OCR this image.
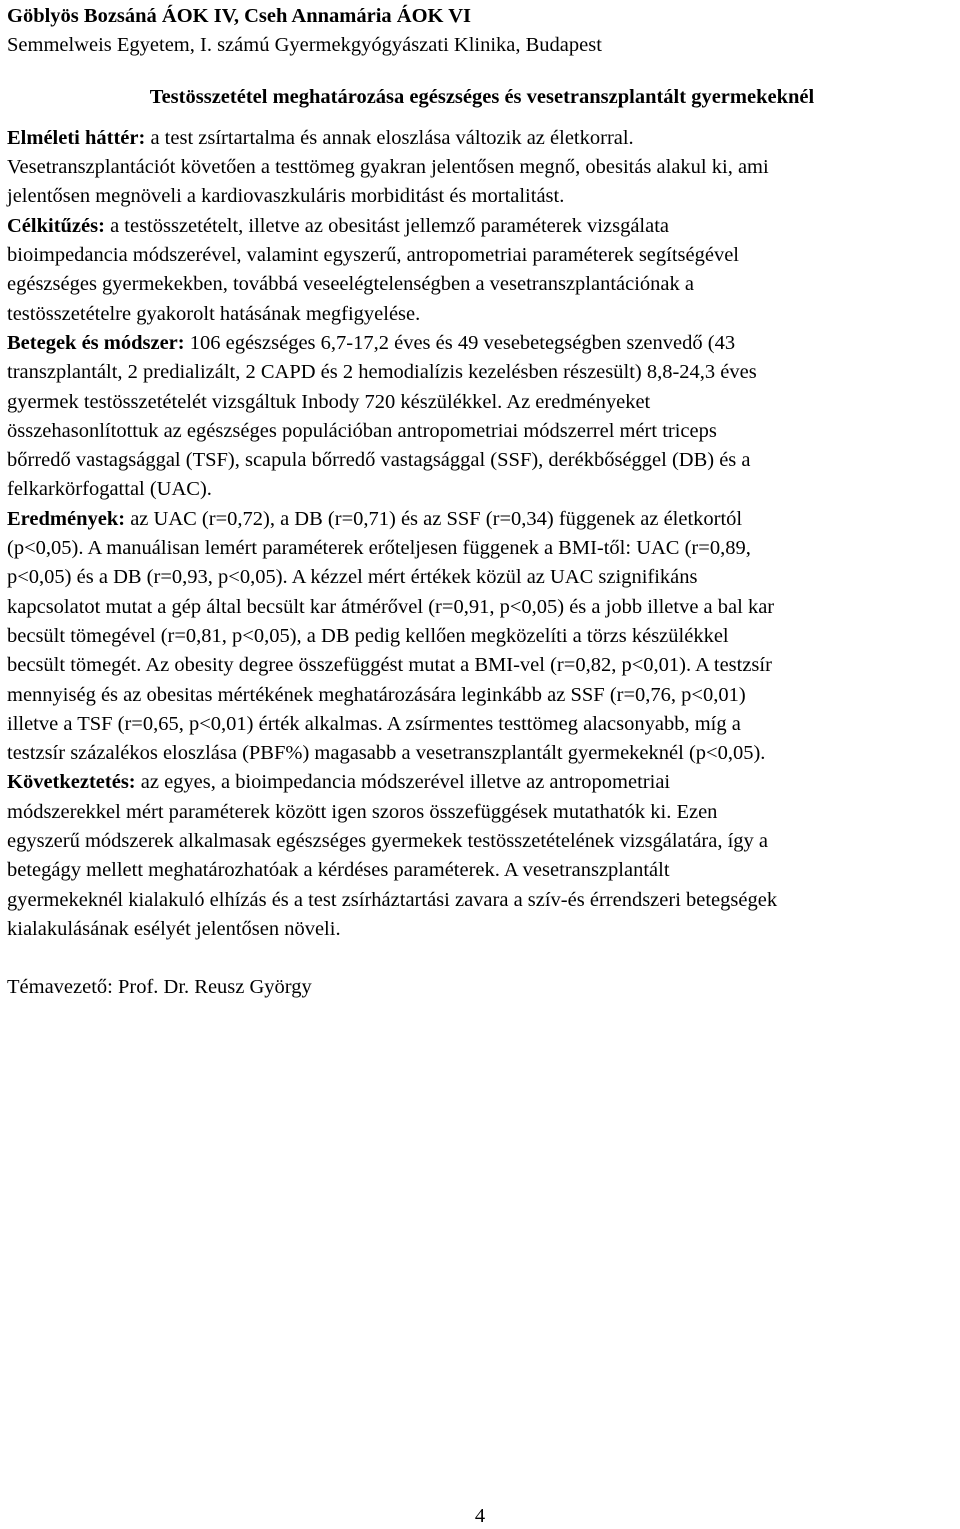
Göblyös Bozsáná ÁOK IV, Cseh Annamária ÁOK VI
Semmelweis Egyetem, I. számú Gyermekgyógyászati Klinika, Budapest
Testösszetétel meghatározása egészséges és vesetranszplantált gyermekeknél

Elméleti háttér: a test zsírtartalma és annak eloszlása változik az életkorral.
Vesetranszplantációt követően a testtömeg gyakran jelentősen megnő, obesitás alakul ki, ami
jelentősen megnöveli a kardiovaszkuláris morbiditást és mortalitást.

Célkitűzés: a testösszetételt, illetve az obesitást jellemző paraméterek vizsgálata
bioimpedancia módszerével, valamint egyszerű, antropometriai paraméterek segítségével
egészséges gyermekekben, továbbá veseelégtelenségben a vesetranszplantációnak a
testösszetételre gyakorolt hatásának megfigyelése.

Betegek és módszer: 106 egészséges 6,7-17,2 éves és 49 vesebetegségben szenvedő (43
transzplantált, 2 predializált, 2 CAPD és 2 hemodialízis kezelésben részesült) 8,8-24,3 éves
gyermek testösszetételét vizsgáltuk Inbody 720 készülékkel. Az eredményeket
összehasonlítottuk az egészséges populációban antropometriai módszerrel mért triceps
bőrredő vastagsággal (TSF), scapula bőrredő vastagsággal (SSF), derékbőséggel (DB) és a
felkarkörfogattal (UAC).

Eredmények: az UAC (r=0,72), a DB (r=0,71) és az SSF (r=0,34) függenek az életkortól
(p<0,05). A manuálisan lemért paraméterek erőteljesen függenek a BMI-től: UAC (r=0,89,
p<0,05) és a DB (r=0,93, p<0,05). A kézzel mért értékek közül az UAC szignifikáns
kapcsolatot mutat a gép által becsült kar átmérővel (r=0,91, p<0,05) és a jobb illetve a bal kar
becsült tömegével (r=0,81, p<0,05), a DB pedig kellően megközelíti a törzs készülékkel
becsült tömegét. Az obesity degree összefüggést mutat a BMI-vel (r=0,82, p<0,01). A testzsír
mennyiség és az obesitas mértékének meghatározására leginkább az SSF (r=0,76, p<0,01)
illetve a TSF (r=0,65, p<0,01) érték alkalmas. A zsírmentes testtömeg alacsonyabb, míg a
testzsír százalékos eloszlása (PBF%) magasabb a vesetranszplantált gyermekeknél (p<0,05).

Következtetés: az egyes, a bioimpedancia módszerével illetve az antropometriai
módszerekkel mért paraméterek között igen szoros összefüggések mutathatók ki. Ezen
egyszerű módszerek alkalmasak egészséges gyermekek testösszetételének vizsgálatára, így a
betegágy mellett meghatározhatóak a kérdéses paraméterek. A vesetranszplantált
gyermekeknél kialakuló elhízás és a test zsírháztartási zavara a szív-és érrendszeri betegségek
kialakulásának esélyét jelentősen növeli.

Témavezető: Prof. Dr. Reusz György
4
